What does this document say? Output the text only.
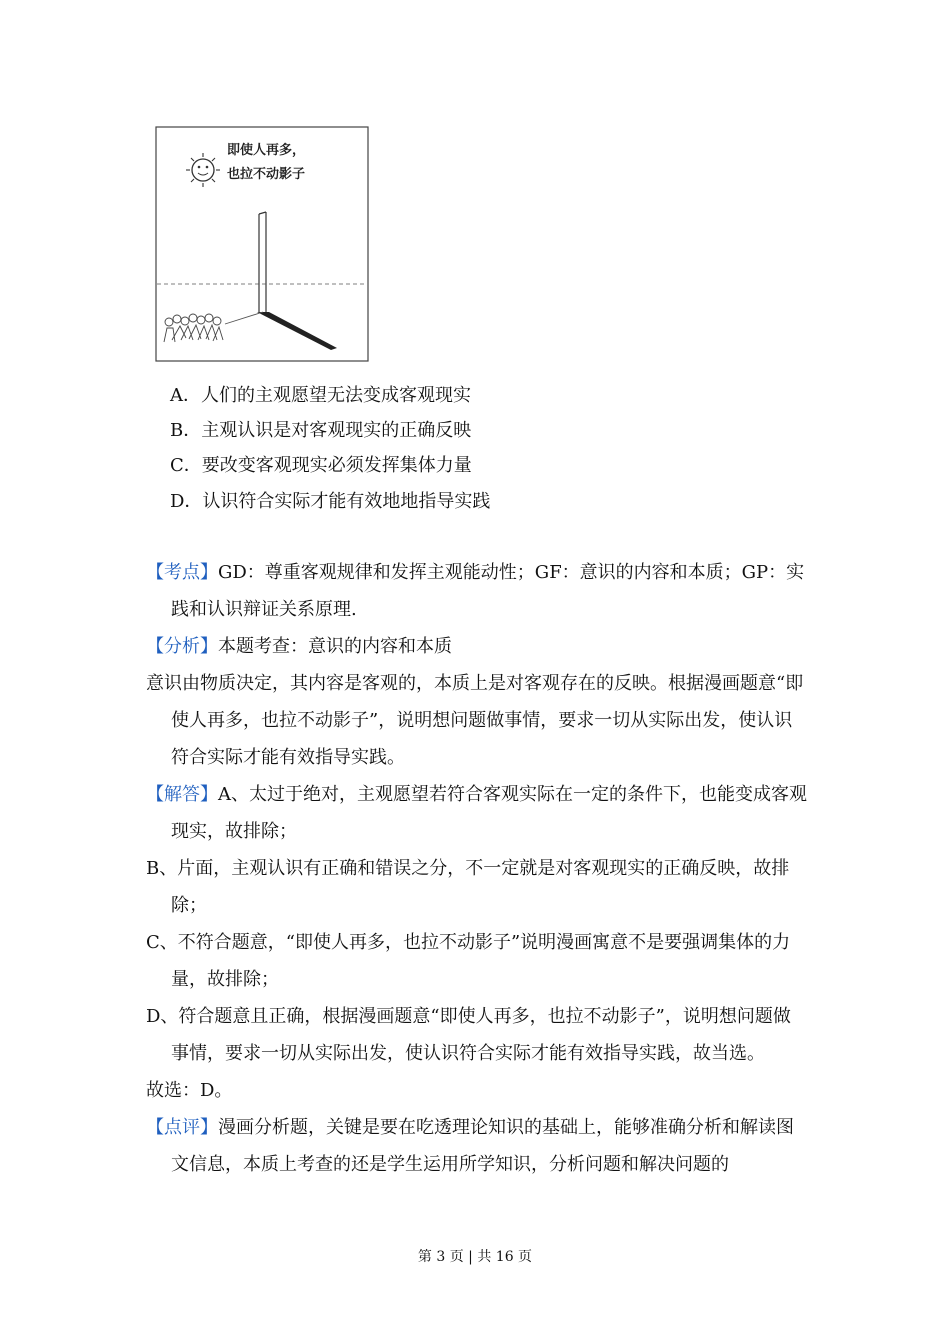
即使人再多，
也拉不动影子
A．人们的主观愿望无法变成客观现实
B．主观认识是对客观现实的正确反映
C．要改变客观现实必须发挥集体力量
D．认识符合实际才能有效地地指导实践

【考点】GD：尊重客观规律和发挥主观能动性；GF：意识的内容和本质；GP：实践和认识辩证关系原理.

【分析】本题考查：意识的内容和本质

意识由物质决定，其内容是客观的，本质上是对客观存在的反映。根据漫画题意“即使人再多，也拉不动影子”，说明想问题做事情，要求一切从实际出发，使认识符合实际才能有效指导实践。

【解答】A、太过于绝对，主观愿望若符合客观实际在一定的条件下，也能变成客观现实，故排除；

B、片面，主观认识有正确和错误之分，不一定就是对客观现实的正确反映，故排除；

C、不符合题意，“即使人再多，也拉不动影子”说明漫画寓意不是要强调集体的力量，故排除；

D、符合题意且正确，根据漫画题意“即使人再多，也拉不动影子”，说明想问题做事情，要求一切从实际出发，使认识符合实际才能有效指导实践，故当选。

故选：D。

【点评】漫画分析题，关键是要在吃透理论知识的基础上，能够准确分析和解读图文信息，本质上考查的还是学生运用所学知识，分析问题和解决问题的

第 3 页 | 共 16 页
